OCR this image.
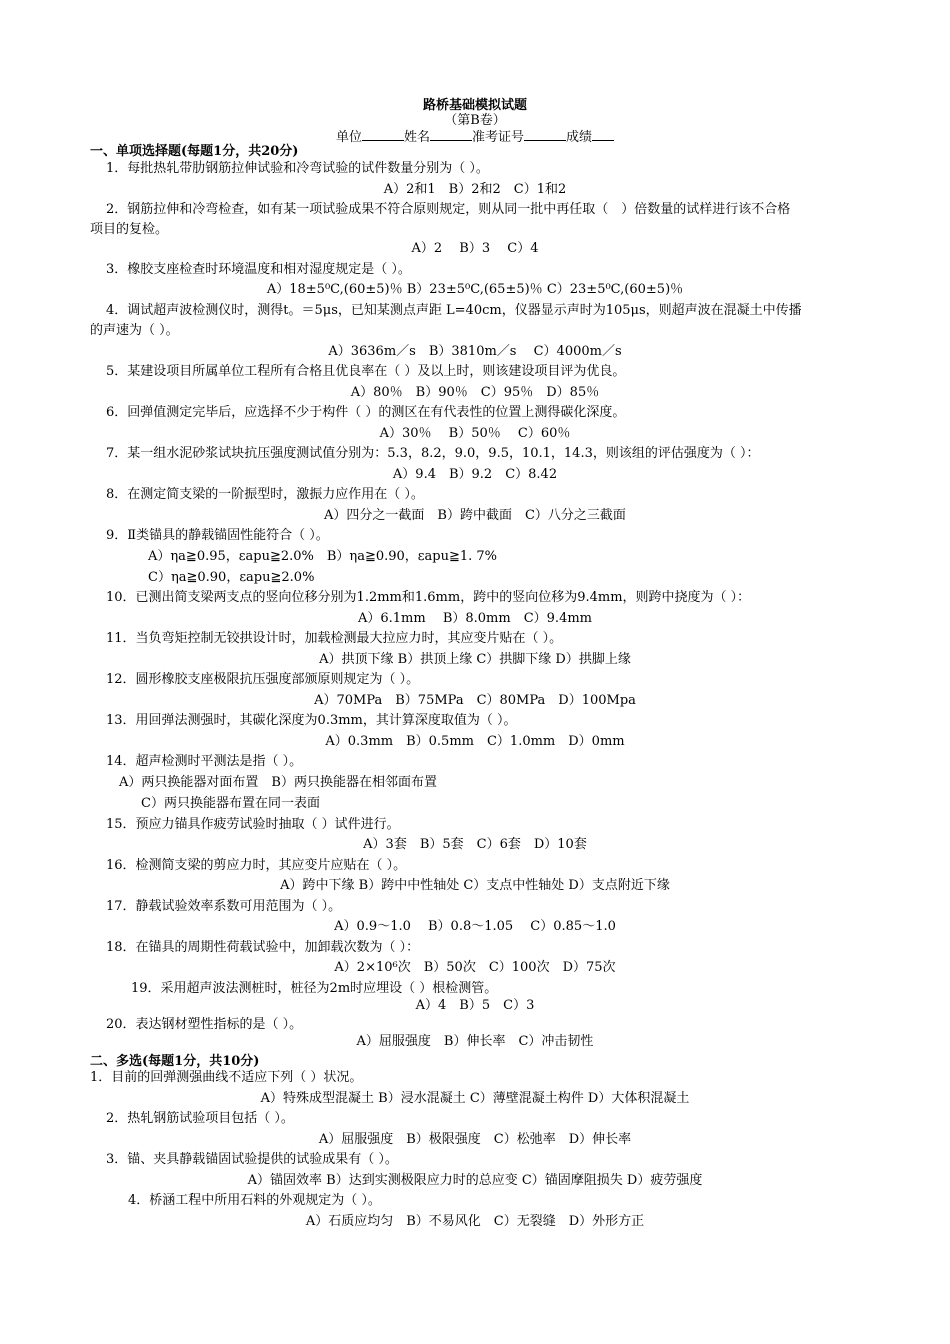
路桥基础模拟试题
（第B卷）
单位	姓名	准考证号	成绩
一、单项选择题(每题1分，共20分)
1．每批热轧带肋钢筋拉伸试验和冷弯试验的试件数量分别为（ ）。
A）2和1　B）2和2　C）1和2
2．钢筋拉伸和冷弯检查，如有某一项试验成果不符合原则规定，则从同一批中再任取（　）倍数量的试样进行该不合格
项目的复检。
A）2　 B）3　 C）4
3．橡胶支座检查时环境温度和相对湿度规定是（ ）。
A）18±5⁰C,(60±5)％ B）23±5⁰C,(65±5)％ C）23±5⁰C,(60±5)％
4．调试超声波检测仪时，测得t。＝5μs，已知某测点声距 L=40cm，仪器显示声时为105μs，则超声波在混凝土中传播
的声速为（ ）。
A）3636m／s　B）3810m／s　 C）4000m／s
5．某建设项目所属单位工程所有合格且优良率在（ ）及以上时，则该建设项目评为优良。
A）80％　B）90％　C）95％　D）85％
6．回弹值测定完毕后，应选择不少于构件（ ）的测区在有代表性的位置上测得碳化深度。
A）30％　 B）50％　 C）60％
7．某一组水泥砂浆试块抗压强度测试值分别为：5.3，8.2，9.0，9.5，10.1，14.3，则该组的评估强度为（ ）：
A）9.4　B）9.2　C）8.42
8．在测定简支梁的一阶振型时，激振力应作用在（ ）。
A）四分之一截面　B）跨中截面　C）八分之三截面
9．Ⅱ类锚具的静载锚固性能符合（ ）。
A）ηa≧0.95，εapu≧2.0%　B）ηa≧0.90，εapu≧1. 7%
C）ηa≧0.90，εapu≧2.0%
10．已测出简支梁两支点的竖向位移分别为1.2mm和1.6mm，跨中的竖向位移为9.4mm，则跨中挠度为（ ）：
A）6.1mm　 B）8.0mm　C）9.4mm
11．当负弯矩控制无铰拱设计时，加载检测最大拉应力时，其应变片贴在（ ）。
A）拱顶下缘 B）拱顶上缘 C）拱脚下缘 D）拱脚上缘
12．圆形橡胶支座极限抗压强度部颁原则规定为（ ）。
A）70MPa　B）75MPa　C）80MPa　D）100Mpa
13．用回弹法测强时，其碳化深度为0.3mm，其计算深度取值为（ ）。
A）0.3mm　B）0.5mm　C）1.0mm　D）0mm
14．超声检测时平测法是指（ ）。
A）两只换能器对面布置　B）两只换能器在相邻面布置
C）两只换能器布置在同一表面
15．预应力锚具作疲劳试验时抽取（ ）试件进行。
A）3套　B）5套　C）6套　D）10套
16．检测简支梁的剪应力时，其应变片应贴在（ ）。
A）跨中下缘 B）跨中中性轴处 C）支点中性轴处 D）支点附近下缘
17．静载试验效率系数可用范围为（ ）。
A）0.9～1.0　 B）0.8～1.05　 C）0.85～1.0
18．在锚具的周期性荷载试验中，加卸载次数为（ ）：
A）2×10⁶次　B）50次　C）100次　D）75次
19．采用超声波法测桩时，桩径为2m时应埋设（ ）根检测管。
A）4　B）5　C）3
20．表达钢材塑性指标的是（ ）。
A）屈服强度　B）伸长率　C）冲击韧性
二、多选(每题1分，共10分)
1．目前的回弹测强曲线不适应下列（ ）状况。
A）特殊成型混凝土 B）浸水混凝土 C）薄壁混凝土构件 D）大体积混凝土
2．热轧钢筋试验项目包括（ ）。
A）屈服强度　B）极限强度　C）松弛率　D）伸长率
3．锚、夹具静载锚固试验提供的试验成果有（ ）。
A）锚固效率 B）达到实测极限应力时的总应变 C）锚固摩阻损失 D）疲劳强度
4．桥涵工程中所用石料的外观规定为（ ）。
A）石质应均匀　B）不易风化　C）无裂缝　D）外形方正
